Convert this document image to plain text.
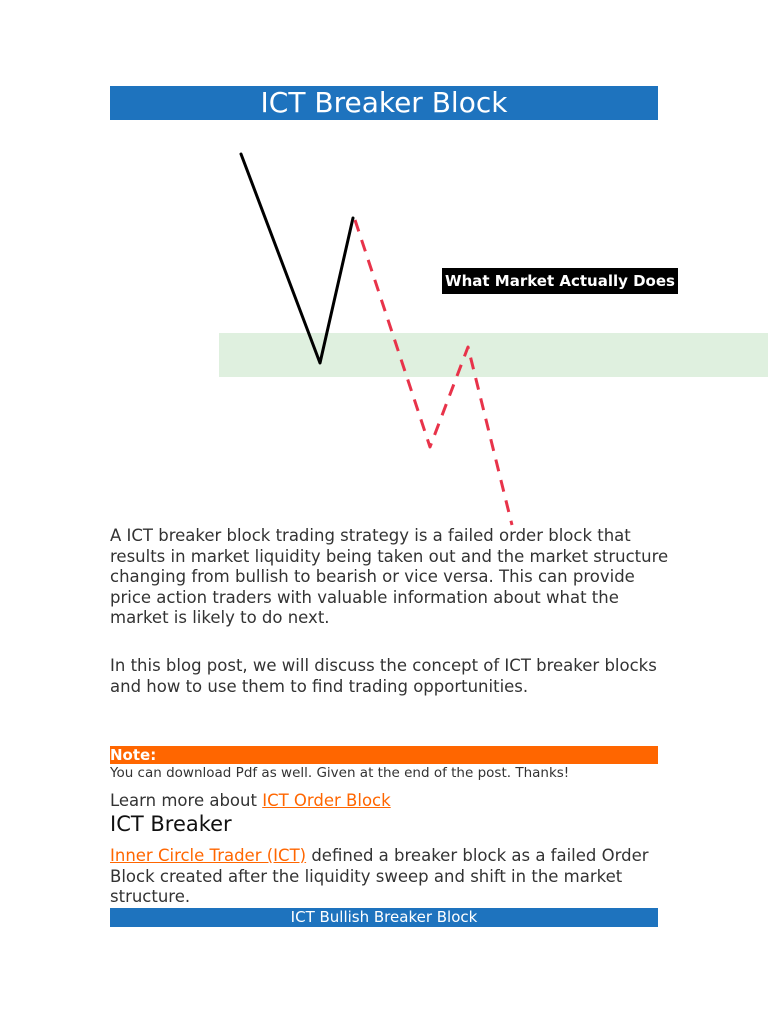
ICT Breaker Block
What Market Actually Does

A ICT breaker block trading strategy is a failed order block that results in market liquidity being taken out and the market structure changing from bullish to bearish or vice versa. This can provide price action traders with valuable information about what the market is likely to do next.

In this blog post, we will discuss the concept of ICT breaker blocks and how to use them to find trading opportunities.

Note:
You can download Pdf as well. Given at the end of the post. Thanks!
Learn more about ICT Order Block
ICT Breaker

Inner Circle Trader (ICT) defined a breaker block as a failed Order Block created after the liquidity sweep and shift in the market structure.

ICT Bullish Breaker Block
